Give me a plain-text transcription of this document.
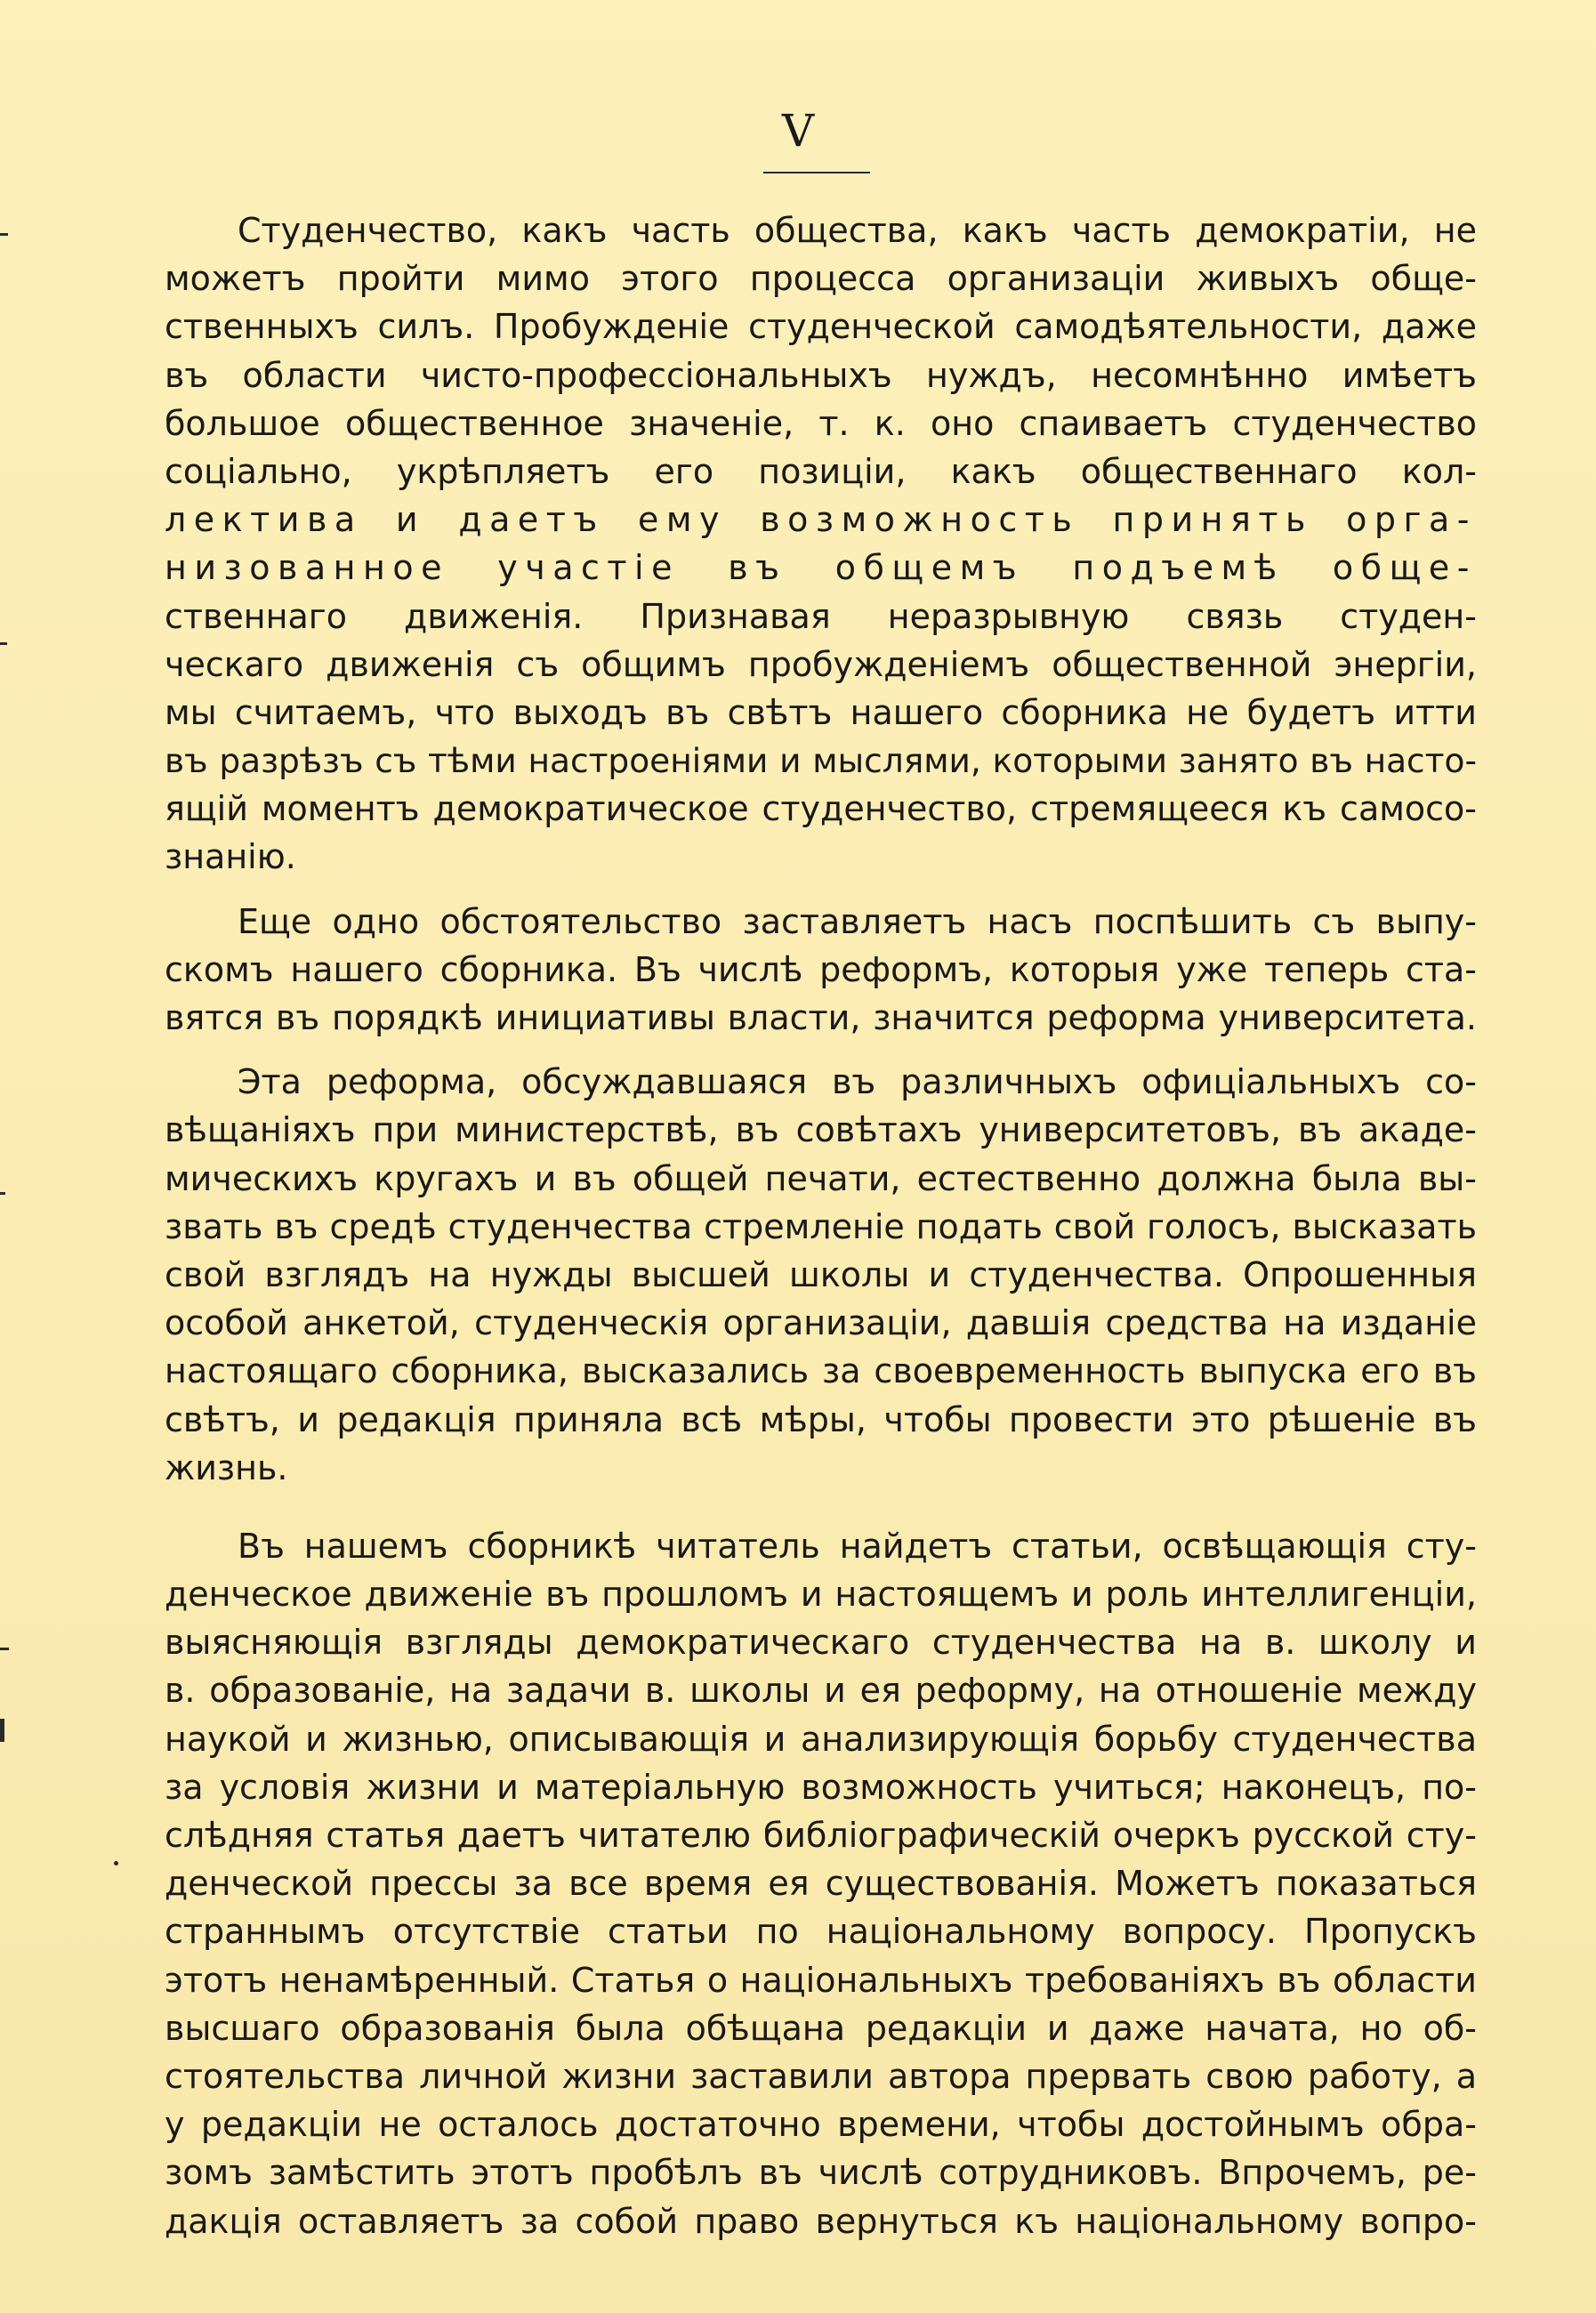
V
Студенчество, какъ часть общества, какъ часть демократiи, не
можетъ пройти мимо этого процесса организацiи живыхъ обще-
ственныхъ силъ. Пробужденiе студенческой самодѣятельности, даже
въ области чисто-профессiональныхъ нуждъ, несомнѣнно имѣетъ
большое общественное значенiе, т. к. оно спаиваетъ студенчество
соцiально, укрѣпляетъ его позицiи, какъ общественнаго кол-
лектива и даетъ ему возможность принять орга-
низованное участiе въ общемъ подъемѣ обще-
ственнаго движенiя. Признавая неразрывную связь студен-
ческаго движенiя съ общимъ пробужденiемъ общественной энергiи,
мы считаемъ, что выходъ въ свѣтъ нашего сборника не будетъ итти
въ разрѣзъ съ тѣми настроенiями и мыслями, которыми занято въ насто-
ящiй моментъ демократическое студенчество, стремящееся къ самосо-
знанiю.
Еще одно обстоятельство заставляетъ насъ поспѣшить съ выпу-
скомъ нашего сборника. Въ числѣ реформъ, которыя уже теперь ста-
вятся въ порядкѣ инициативы власти, значится реформа университета.
Эта реформа, обсуждавшаяся въ различныхъ офицiальныхъ со-
вѣщанiяхъ при министерствѣ, въ совѣтахъ университетовъ, въ акаде-
мическихъ кругахъ и въ общей печати, естественно должна была вы-
звать въ средѣ студенчества стремленiе подать свой голосъ, высказать
свой взглядъ на нужды высшей школы и студенчества. Опрошенныя
особой анкетой, студенческiя организацiи, давшiя средства на изданiе
настоящаго сборника, высказались за своевременность выпуска его въ
свѣтъ, и редакцiя приняла всѣ мѣры, чтобы провести это рѣшенiе въ
жизнь.
Въ нашемъ сборникѣ читатель найдетъ статьи, освѣщающiя сту-
денческое движенiе въ прошломъ и настоящемъ и роль интеллигенцiи,
выясняющiя взгляды демократическаго студенчества на в. школу и
в. образованiе, на задачи в. школы и ея реформу, на отношенiе между
наукой и жизнью, описывающiя и анализирующiя борьбу студенчества
за условiя жизни и матерiальную возможность учиться; наконецъ, по-
слѣдняя статья даетъ читателю библiографическiй очеркъ русской сту-
денческой прессы за все время ея существованiя. Можетъ показаться
страннымъ отсутствiе статьи по нацiональному вопросу. Пропускъ
этотъ ненамѣренный. Статья о нацiональныхъ требованiяхъ въ области
высшаго образованiя была обѣщана редакцiи и даже начата, но об-
стоятельства личной жизни заставили автора прервать свою работу, а
у редакцiи не осталось достаточно времени, чтобы достойнымъ обра-
зомъ замѣстить этотъ пробѣлъ въ числѣ сотрудниковъ. Впрочемъ, ре-
дакцiя оставляетъ за собой право вернуться къ нацiональному вопро-
